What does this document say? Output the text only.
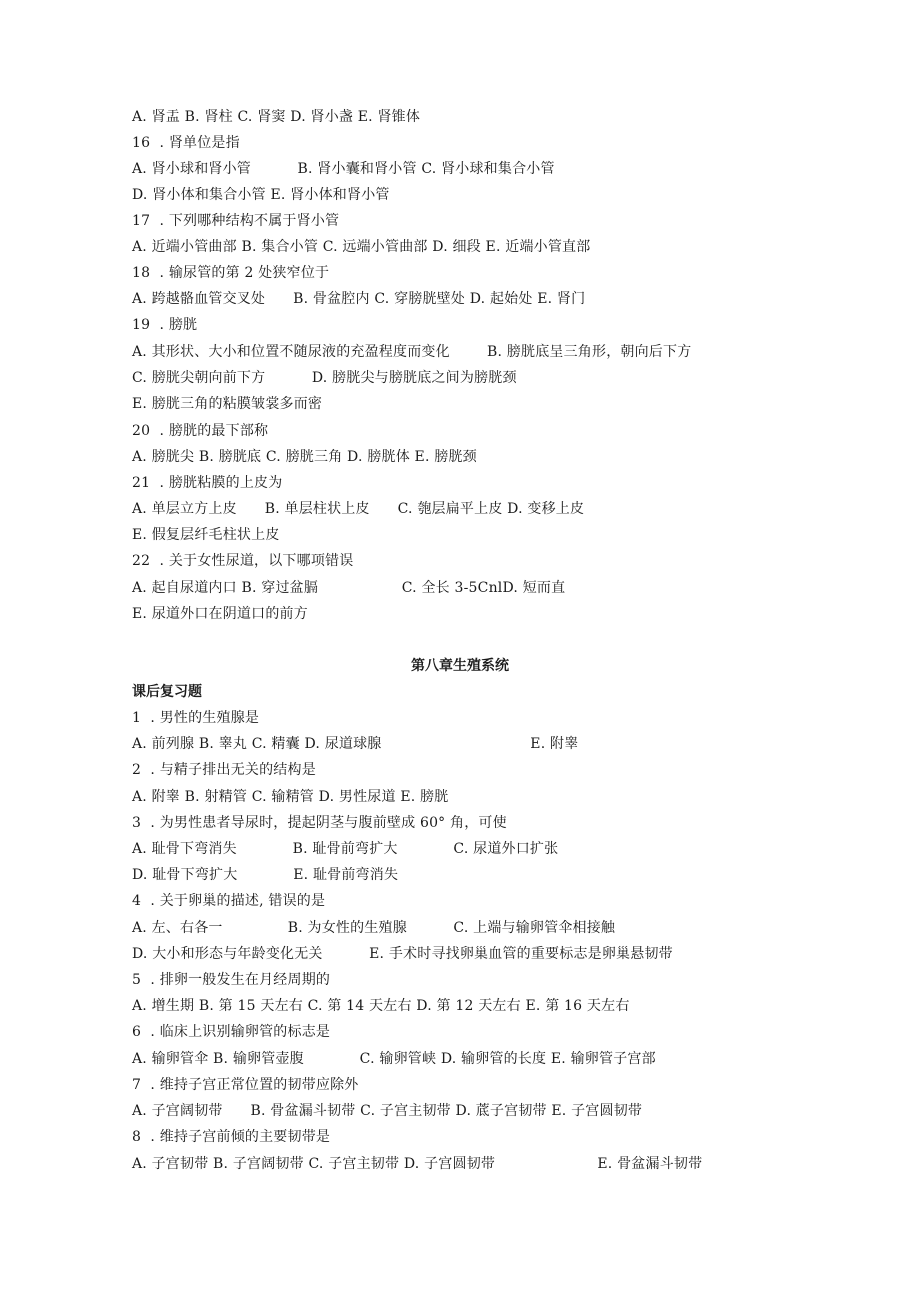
A. 肾盂 B. 肾柱 C. 肾窦 D. 肾小盏 E. 肾锥体
16  . 肾单位是指
A. 肾小球和肾小管          B. 肾小囊和肾小管 C. 肾小球和集合小管
D. 肾小体和集合小管 E. 肾小体和肾小管
17  . 下列哪种结构不属于肾小管
A. 近端小管曲部 B. 集合小管 C. 远端小管曲部 D. 细段 E. 近端小管直部
18  . 输尿管的第 2 处狭窄位于
A. 跨越骼血管交叉处      B. 骨盆腔内 C. 穿膀胱壁处 D. 起始处 E. 肾门
19  . 膀胱
A. 其形状、大小和位置不随尿液的充盈程度而变化        B. 膀胱底呈三角形，朝向后下方
C. 膀胱尖朝向前下方          D. 膀胱尖与膀胱底之间为膀胱颈
E. 膀胱三角的粘膜皱裳多而密
20  . 膀胱的最下部称
A. 膀胱尖 B. 膀胱底 C. 膀胱三角 D. 膀胱体 E. 膀胱颈
21  . 膀胱粘膜的上皮为
A. 单层立方上皮      B. 单层柱状上皮      C. 匏层扁平上皮 D. 变移上皮
E. 假复层纤毛柱状上皮
22  . 关于女性尿道，以下哪项错误
A. 起自尿道内口 B. 穿过盆膈                  C. 全长 3-5CnlD. 短而直
E. 尿道外口在阴道口的前方
第八章生殖系统
课后复习题
1  . 男性的生殖腺是
A. 前列腺 B. 睾丸 C. 精囊 D. 尿道球腺                                E. 附睾
2  . 与精子排出无关的结构是
A. 附睾 B. 射精管 C. 输精管 D. 男性尿道 E. 膀胱
3  . 为男性患者导尿时，提起阴茎与腹前壁成 60° 角，可使
A. 耻骨下弯消失            B. 耻骨前弯扩大            C. 尿道外口扩张
D. 耻骨下弯扩大            E. 耻骨前弯消失
4  . 关于卵巢的描述, 错误的是
A. 左、右各一              B. 为女性的生殖腺          C. 上端与输卵管伞相接触
D. 大小和形态与年龄变化无关          E. 手术时寻找卵巢血管的重要标志是卵巢悬韧带
5  . 排卵一般发生在月经周期的
A. 增生期 B. 第 15 天左右 C. 第 14 天左右 D. 第 12 天左右 E. 第 16 天左右
6  . 临床上识别输卵管的标志是
A. 输卵管伞 B. 输卵管壶腹            C. 输卵管峡 D. 输卵管的长度 E. 输卵管子宫部
7  . 维持子宫正常位置的韧带应除外
A. 子宫阔韧带      B. 骨盆漏斗韧带 C. 子宫主韧带 D. 菧子宫韧带 E. 子宫圆韧带
8  . 维持子宫前倾的主要韧带是
A. 子宫韧带 B. 子宫阔韧带 C. 子宫主韧带 D. 子宫圆韧带                      E. 骨盆漏斗韧带
